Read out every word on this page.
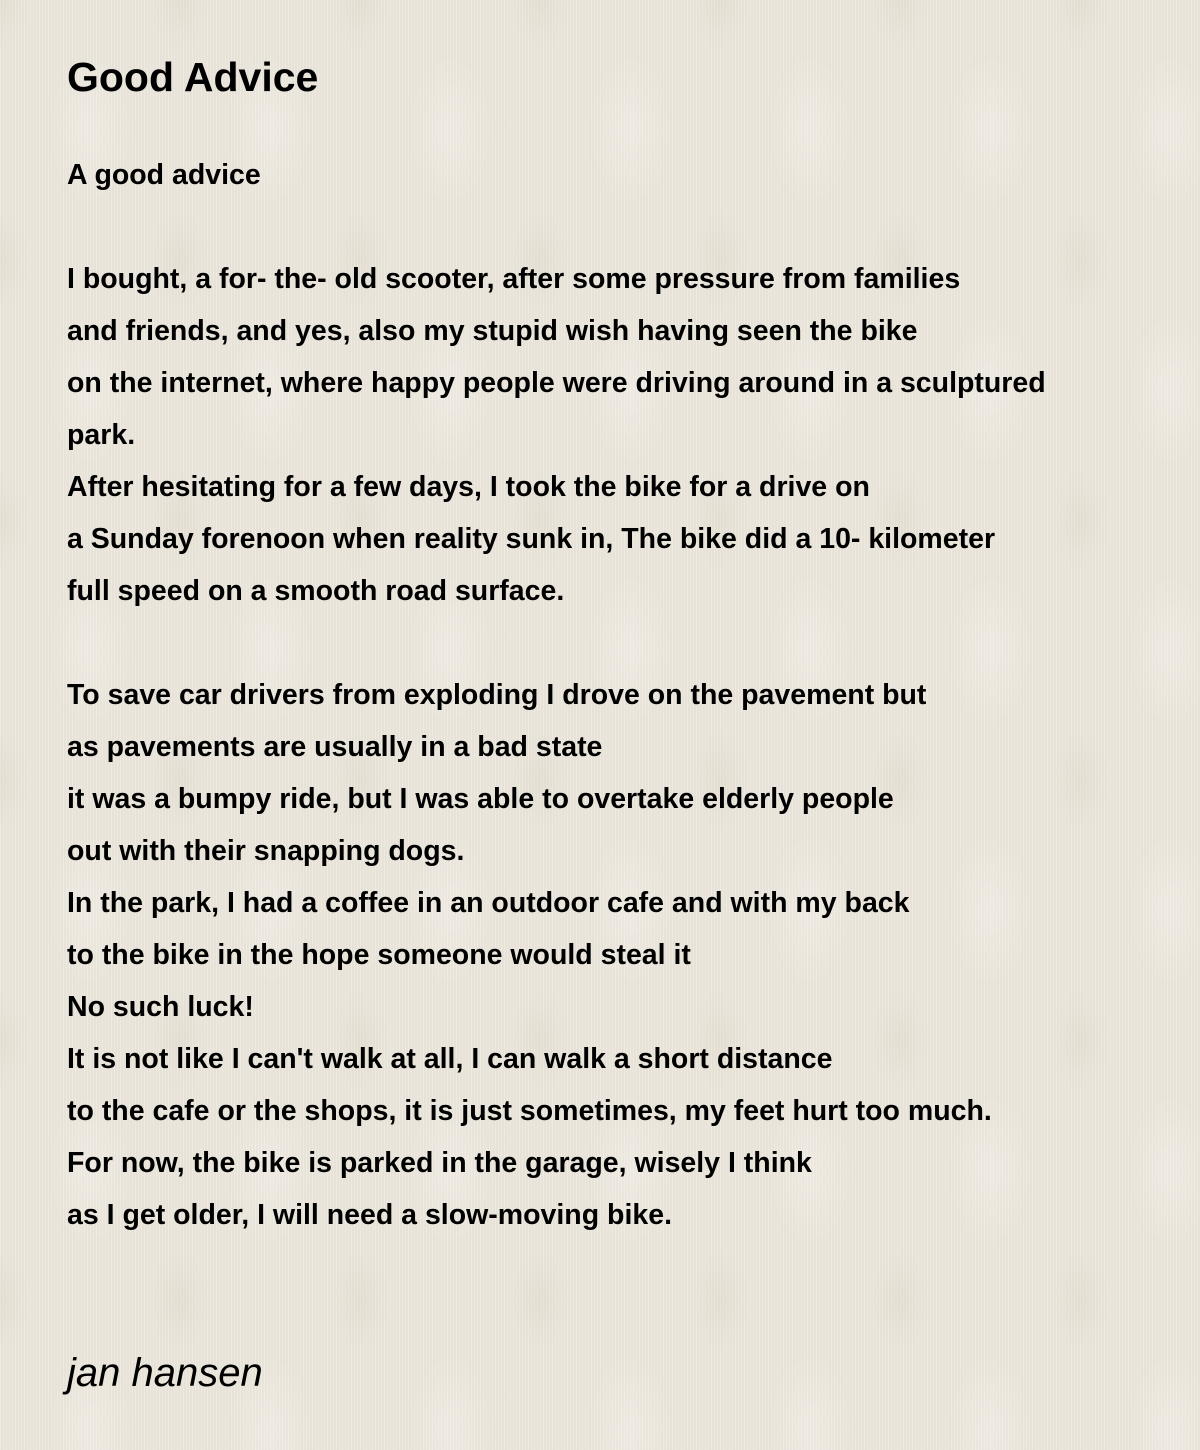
Good Advice
A good advice
I bought, a for- the- old scooter, after some pressure from families
and friends, and yes, also my stupid wish having seen the bike
on the internet, where happy people were driving around in a sculptured
park.
After hesitating for a few days, I took the bike for a drive on
a Sunday forenoon when reality sunk in, The bike did a 10- kilometer
full speed on a smooth road surface.
To save car drivers from exploding I drove on the pavement but
as pavements are usually in a bad state
it was a bumpy ride, but I was able to overtake elderly people
out with their snapping dogs.
In the park, I had a coffee in an outdoor cafe and with my back
to the bike in the hope someone would steal it
No such luck!
It is not like I can't walk at all, I can walk a short distance
to the cafe or the shops, it is just sometimes, my feet hurt too much.
For now, the bike is parked in the garage, wisely I think
as I get older, I will need a slow-moving bike.
jan hansen
